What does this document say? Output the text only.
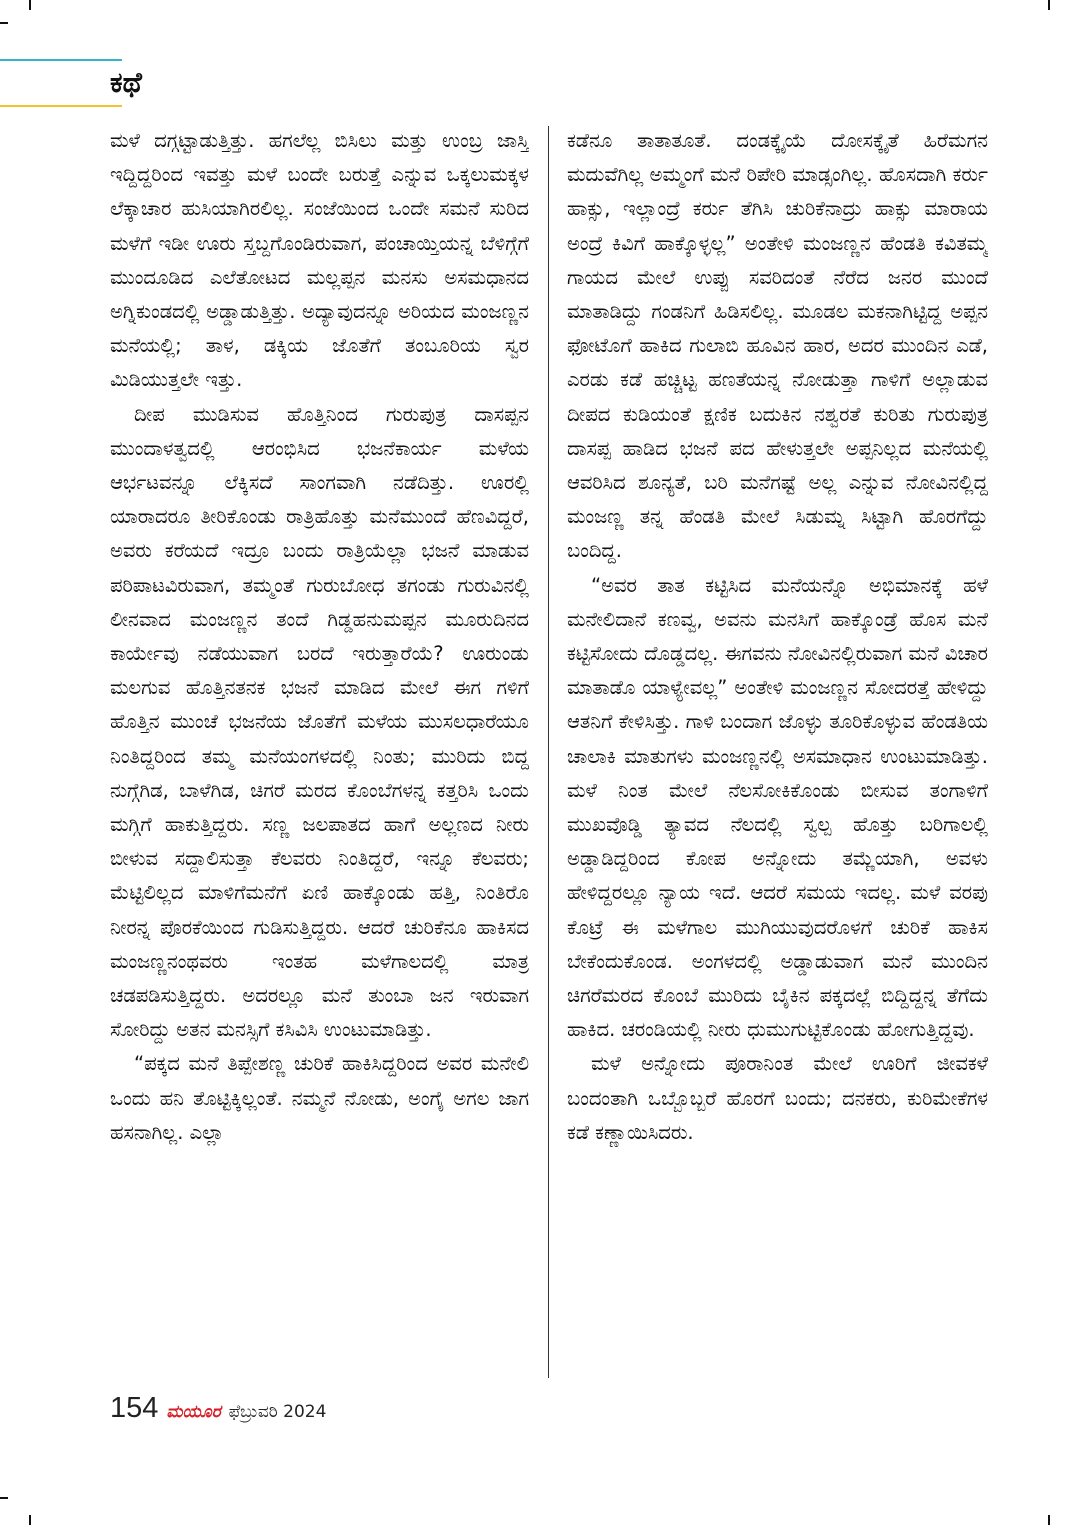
ಕಥೆ

ಮಳೆ ದಗ್ಗಟ್ಟಾಡುತ್ತಿತ್ತು. ಹಗಲೆಲ್ಲ ಬಿಸಿಲು ಮತ್ತು ಉಂಬ್ರ ಜಾಸ್ತಿ ಇದ್ದಿದ್ದರಿಂದ ಇವತ್ತು ಮಳೆ ಬಂದೇ ಬರುತ್ತೆ ಎನ್ನುವ ಒಕ್ಕಲುಮಕ್ಕಳ ಲೆಕ್ಕಾಚಾರ ಹುಸಿಯಾಗಿರಲಿಲ್ಲ. ಸಂಜೆಯಿಂದ ಒಂದೇ ಸಮನೆ ಸುರಿದ ಮಳೆಗೆ ಇಡೀ ಊರು ಸ್ತಬ್ದಗೊಂಡಿರುವಾಗ, ಪಂಚಾಯ್ತಿಯನ್ನ ಬೆಳಿಗ್ಗೆಗೆ ಮುಂದೂಡಿದ ಎಲೆತೋಟದ ಮಲ್ಲಪ್ಪನ ಮನಸು ಅಸಮಧಾನದ ಅಗ್ನಿಕುಂಡದಲ್ಲಿ ಅಡ್ಡಾಡುತ್ತಿತ್ತು. ಅದ್ಯಾವುದನ್ನೂ ಅರಿಯದ ಮಂಜಣ್ಣನ ಮನೆಯಲ್ಲಿ; ತಾಳ, ಡಕ್ಕಿಯ ಜೊತೆಗೆ ತಂಬೂರಿಯ ಸ್ವರ ಮಿಡಿಯುತ್ತಲೇ ಇತ್ತು.

ದೀಪ ಮುಡಿಸುವ ಹೊತ್ತಿನಿಂದ ಗುರುಪುತ್ರ ದಾಸಪ್ಪನ ಮುಂದಾಳತ್ವದಲ್ಲಿ ಆರಂಭಿಸಿದ ಭಜನೆಕಾರ್ಯ ಮಳೆಯ ಆರ್ಭಟವನ್ನೂ ಲೆಕ್ಕಿಸದೆ ಸಾಂಗವಾಗಿ ನಡೆದಿತ್ತು. ಊರಲ್ಲಿ ಯಾರಾದರೂ ತೀರಿಕೊಂಡು ರಾತ್ರಿಹೊತ್ತು ಮನೆಮುಂದೆ ಹೆಣವಿದ್ದರೆ, ಅವರು ಕರೆಯದೆ ಇದ್ರೂ ಬಂದು ರಾತ್ರಿಯೆಲ್ಲಾ ಭಜನೆ ಮಾಡುವ ಪರಿಪಾಟವಿರುವಾಗ, ತಮ್ಮಂತೆ ಗುರುಬೋಧ ತಗಂಡು ಗುರುವಿನಲ್ಲಿ ಲೀನವಾದ ಮಂಜಣ್ಣನ ತಂದೆ ಗಿಡ್ಡಹನುಮಪ್ಪನ ಮೂರುದಿನದ ಕಾರ್ಯೇವು ನಡೆಯುವಾಗ ಬರದೆ ಇರುತ್ತಾರೆಯೆ? ಊರುಂಡು ಮಲಗುವ ಹೊತ್ತಿನತನಕ ಭಜನೆ ಮಾಡಿದ ಮೇಲೆ ಈಗ ಗಳಿಗೆ ಹೊತ್ತಿನ ಮುಂಚೆ ಭಜನೆಯ ಜೊತೆಗೆ ಮಳೆಯ ಮುಸಲಧಾರೆಯೂ ನಿಂತಿದ್ದರಿಂದ ತಮ್ಮ ಮನೆಯಂಗಳದಲ್ಲಿ ನಿಂತು; ಮುರಿದು ಬಿದ್ದ ನುಗ್ಗೆಗಿಡ, ಬಾಳೆಗಿಡ, ಚಿಗರೆ ಮರದ ಕೊಂಬೆಗಳನ್ನ ಕತ್ತರಿಸಿ ಒಂದು ಮಗ್ಗಿಗೆ ಹಾಕುತ್ತಿದ್ದರು. ಸಣ್ಣ ಜಲಪಾತದ ಹಾಗೆ ಅಲ್ಲಣದ ನೀರು ಬೀಳುವ ಸದ್ದಾಲಿಸುತ್ತಾ ಕೆಲವರು ನಿಂತಿದ್ದರೆ, ಇನ್ನೂ ಕೆಲವರು; ಮೆಟ್ಟಿಲಿಲ್ಲದ ಮಾಳಿಗೆಮನೆಗೆ ಏಣಿ ಹಾಕ್ಕೊಂಡು ಹತ್ತಿ, ನಿಂತಿರೊ ನೀರನ್ನ ಪೊರಕೆಯಿಂದ ಗುಡಿಸುತ್ತಿದ್ದರು. ಆದರೆ ಚುರಿಕೆನೂ ಹಾಕಿಸದ ಮಂಜಣ್ಣನಂಥವರು ಇಂತಹ ಮಳೆಗಾಲದಲ್ಲಿ ಮಾತ್ರ ಚಡಪಡಿಸುತ್ತಿದ್ದರು. ಅದರಲ್ಲೂ ಮನೆ ತುಂಬಾ ಜನ ಇರುವಾಗ ಸೋರಿದ್ದು ಅತನ ಮನಸ್ಸಿಗೆ ಕಸಿವಿಸಿ ಉಂಟುಮಾಡಿತ್ತು.

“ಪಕ್ಕದ ಮನೆ ತಿಪ್ಪೇಶಣ್ಣ ಚುರಿಕೆ ಹಾಕಿಸಿದ್ದರಿಂದ ಅವರ ಮನೇಲಿ ಒಂದು ಹನಿ ತೊಟ್ಟಿಕ್ಕಿಲ್ಲಂತೆ. ನಮ್ಮನೆ ನೋಡು, ಅಂಗೈ ಅಗಲ ಜಾಗ ಹಸನಾಗಿಲ್ಲ. ಎಲ್ಲಾ

ಕಡೆನೂ ತಾತಾತೂತೆ. ದಂಡಕ್ಕೈಯೆ ದೋಸಕ್ಕೈತೆ ಹಿರೆಮಗನ ಮದುವೆಗಿಲ್ಲ ಅಮ್ಮಂಗೆ ಮನೆ ರಿಪೇರಿ ಮಾಡ್ಸಂಗಿಲ್ಲ. ಹೊಸದಾಗಿ ಕರ್ರು ಹಾಕ್ಸು, ಇಲ್ಲಾಂದ್ರೆ ಕರ್ರು ತೆಗಿಸಿ ಚುರಿಕೆನಾದ್ರು ಹಾಕ್ಸು ಮಾರಾಯ ಅಂದ್ರೆ ಕಿವಿಗೆ ಹಾಕ್ಕೊಳ್ಳಲ್ಲ” ಅಂತೇಳಿ ಮಂಜಣ್ಣನ ಹೆಂಡತಿ ಕವಿತಮ್ಮ ಗಾಯದ ಮೇಲೆ ಉಪ್ಪು ಸವರಿದಂತೆ ನೆರೆದ ಜನರ ಮುಂದೆ ಮಾತಾಡಿದ್ದು ಗಂಡನಿಗೆ ಹಿಡಿಸಲಿಲ್ಲ. ಮೂಡಲ ಮಕನಾಗಿಟ್ಟಿದ್ದ ಅಪ್ಪನ ಫೋಟೊಗೆ ಹಾಕಿದ ಗುಲಾಬಿ ಹೂವಿನ ಹಾರ, ಅದರ ಮುಂದಿನ ಎಡೆ, ಎರಡು ಕಡೆ ಹಚ್ಚಿಟ್ಟ ಹಣತೆಯನ್ನ ನೋಡುತ್ತಾ ಗಾಳಿಗೆ ಅಲ್ಲಾಡುವ ದೀಪದ ಕುಡಿಯಂತೆ ಕ್ಷಣಿಕ ಬದುಕಿನ ನಶ್ವರತೆ ಕುರಿತು ಗುರುಪುತ್ರ ದಾಸಪ್ಪ ಹಾಡಿದ ಭಜನೆ ಪದ ಹೇಳುತ್ತಲೇ ಅಪ್ಪನಿಲ್ಲದ ಮನೆಯಲ್ಲಿ ಆವರಿಸಿದ ಶೂನ್ಯತೆ, ಬರಿ ಮನೆಗಷ್ಟೆ ಅಲ್ಲ ಎನ್ನುವ ನೋವಿನಲ್ಲಿದ್ದ ಮಂಜಣ್ಣ ತನ್ನ ಹೆಂಡತಿ ಮೇಲೆ ಸಿಡುಮ್ನ ಸಿಟ್ಟಾಗಿ ಹೊರಗೆದ್ದು ಬಂದಿದ್ದ.

“ಅವರ ತಾತ ಕಟ್ಟಿಸಿದ ಮನೆಯನ್ನೊ ಅಭಿಮಾನಕ್ಕೆ ಹಳೆ ಮನೇಲಿದಾನೆ ಕಣವ್ವ, ಅವನು ಮನಸಿಗೆ ಹಾಕ್ಕೊಂಡ್ರೆ ಹೊಸ ಮನೆ ಕಟ್ಟಿಸೋದು ದೊಡ್ಡದಲ್ಲ. ಈಗವನು ನೋವಿನಲ್ಲಿರುವಾಗ ಮನೆ ವಿಚಾರ ಮಾತಾಡೊ ಯಾಳ್ಯೇವಲ್ಲ” ಅಂತೇಳಿ ಮಂಜಣ್ಣನ ಸೋದರತ್ತೆ ಹೇಳಿದ್ದು ಆತನಿಗೆ ಕೇಳಿಸಿತ್ತು. ಗಾಳಿ ಬಂದಾಗ ಜೊಳ್ಳು ತೂರಿಕೊಳ್ಳುವ ಹೆಂಡತಿಯ ಚಾಲಾಕಿ ಮಾತುಗಳು ಮಂಜಣ್ಣನಲ್ಲಿ ಅಸಮಾಧಾನ ಉಂಟುಮಾಡಿತ್ತು. ಮಳೆ ನಿಂತ ಮೇಲೆ ನೆಲಸೋಕಿಕೊಂಡು ಬೀಸುವ ತಂಗಾಳಿಗೆ ಮುಖವೊಡ್ಡಿ ತ್ಯಾವದ ನೆಲದಲ್ಲಿ ಸ್ವಲ್ಪ ಹೊತ್ತು ಬರಿಗಾಲಲ್ಲಿ ಅಡ್ಡಾಡಿದ್ದರಿಂದ ಕೋಪ ಅನ್ನೋದು ತಮ್ಣೆಯಾಗಿ, ಅವಳು ಹೇಳಿದ್ದರಲ್ಲೂ ನ್ಯಾಯ ಇದೆ. ಆದರೆ ಸಮಯ ಇದಲ್ಲ. ಮಳೆ ವರಪು ಕೊಟ್ರೆ ಈ ಮಳೆಗಾಲ ಮುಗಿಯುವುದರೊಳಗೆ ಚುರಿಕೆ ಹಾಕಿಸ ಬೇಕೆಂದುಕೊಂಡ. ಅಂಗಳದಲ್ಲಿ ಅಡ್ಡಾಡುವಾಗ ಮನೆ ಮುಂದಿನ ಚಿಗರೆಮರದ ಕೊಂಬೆ ಮುರಿದು ಬೈಕಿನ ಪಕ್ಕದಲ್ಲೆ ಬಿದ್ದಿದ್ದನ್ನ ತೆಗೆದು ಹಾಕಿದ. ಚರಂಡಿಯಲ್ಲಿ ನೀರು ಧುಮುಗುಟ್ಟಿಕೊಂಡು ಹೋಗುತ್ತಿದ್ದವು.

ಮಳೆ ಅನ್ನೋದು ಪೂರಾನಿಂತ ಮೇಲೆ ಊರಿಗೆ ಜೀವಕಳೆ ಬಂದಂತಾಗಿ ಒಬ್ಬೊಬ್ಬರೆ ಹೊರಗೆ ಬಂದು; ದನಕರು, ಕುರಿಮೇಕೆಗಳ ಕಡೆ ಕಣ್ಣಾಯಿಸಿದರು.

154 ಮಯೂರ ಫೆಬ್ರುವರಿ 2024
